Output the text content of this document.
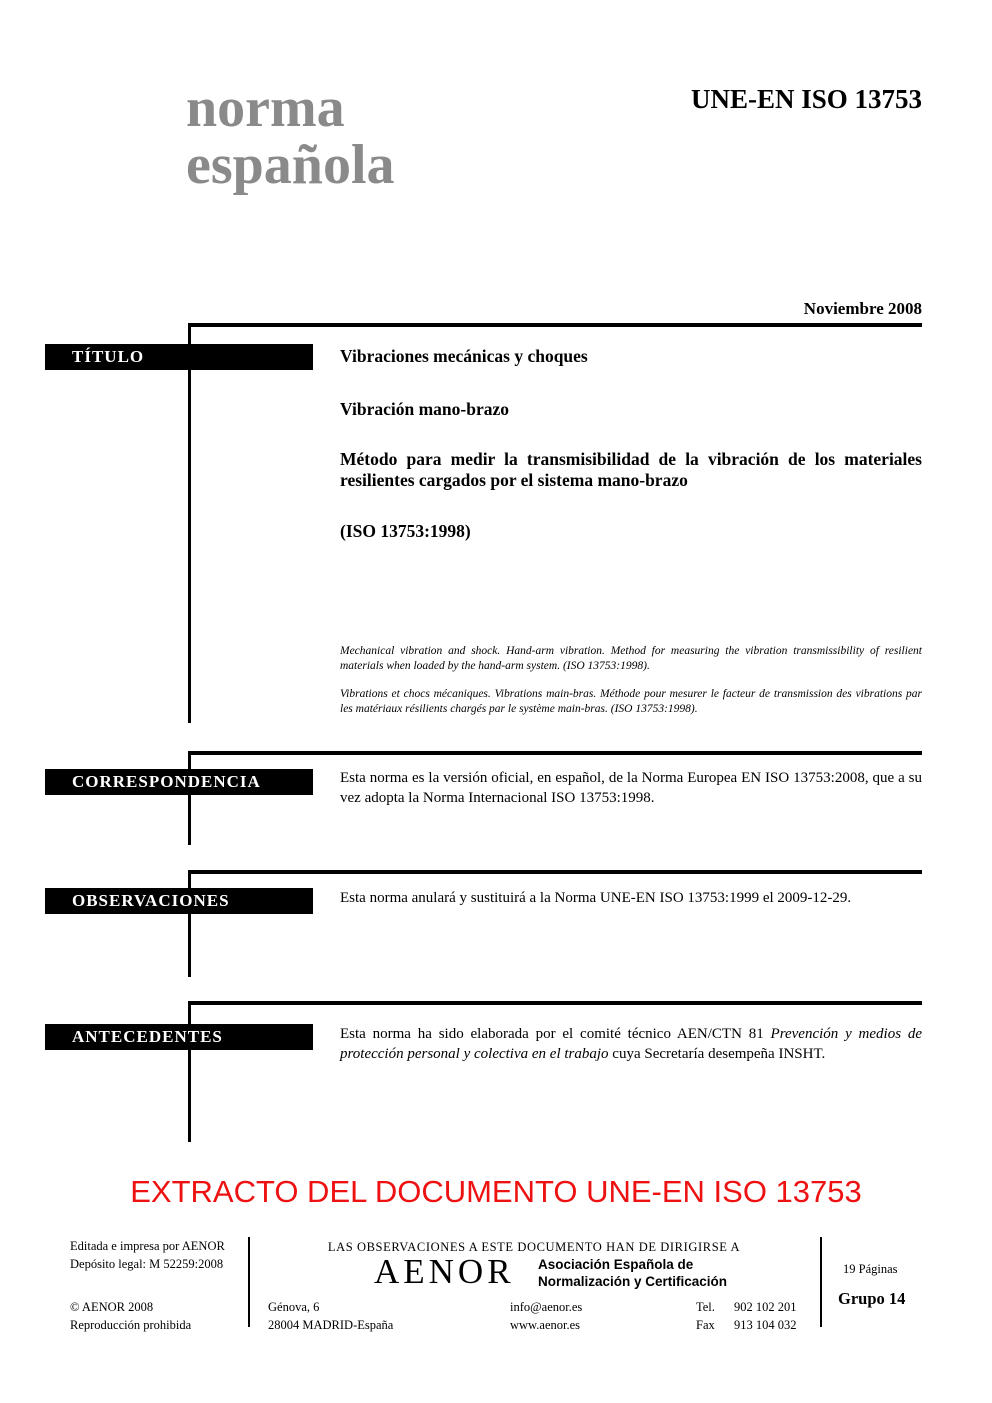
norma
española
UNE-EN ISO 13753
Noviembre 2008
TÍTULO
CORRESPONDENCIA
OBSERVACIONES
ANTECEDENTES
Vibraciones mecánicas y choques
Vibración mano-brazo
Método para medir la transmisibilidad de la vibración de los materiales resilientes cargados por el sistema mano-brazo
(ISO 13753:1998)
Mechanical vibration and shock. Hand-arm vibration. Method for measuring the vibration transmissibility of resilient materials when loaded by the hand-arm system. (ISO 13753:1998).
Vibrations et chocs mécaniques. Vibrations main-bras. Méthode pour mesurer le facteur de transmission des vibrations par les matériaux résilients chargés par le système main-bras. (ISO 13753:1998).
Esta norma es la versión oficial, en español, de la Norma Europea EN ISO 13753:2008, que a su vez adopta la Norma Internacional ISO 13753:1998.
Esta norma anulará y sustituirá a la Norma UNE-EN ISO 13753:1999 el 2009-12-29.
Esta norma ha sido elaborada por el comité técnico AEN/CTN 81 Prevención y medios de protección personal y colectiva en el trabajo cuya Secretaría desempeña INSHT.
EXTRACTO DEL DOCUMENTO UNE-EN ISO 13753
Editada e impresa por AENOR
Depósito legal: M 52259:2008
© AENOR 2008
Reproducción prohibida
LAS OBSERVACIONES A ESTE DOCUMENTO HAN DE DIRIGIRSE A
AENOR Asociación Española de
Normalización y Certificación
Génova, 6
28004 MADRID-España
info@aenor.es
www.aenor.es
Tel.
Fax
902 102 201
913 104 032
19 Páginas
Grupo 14
